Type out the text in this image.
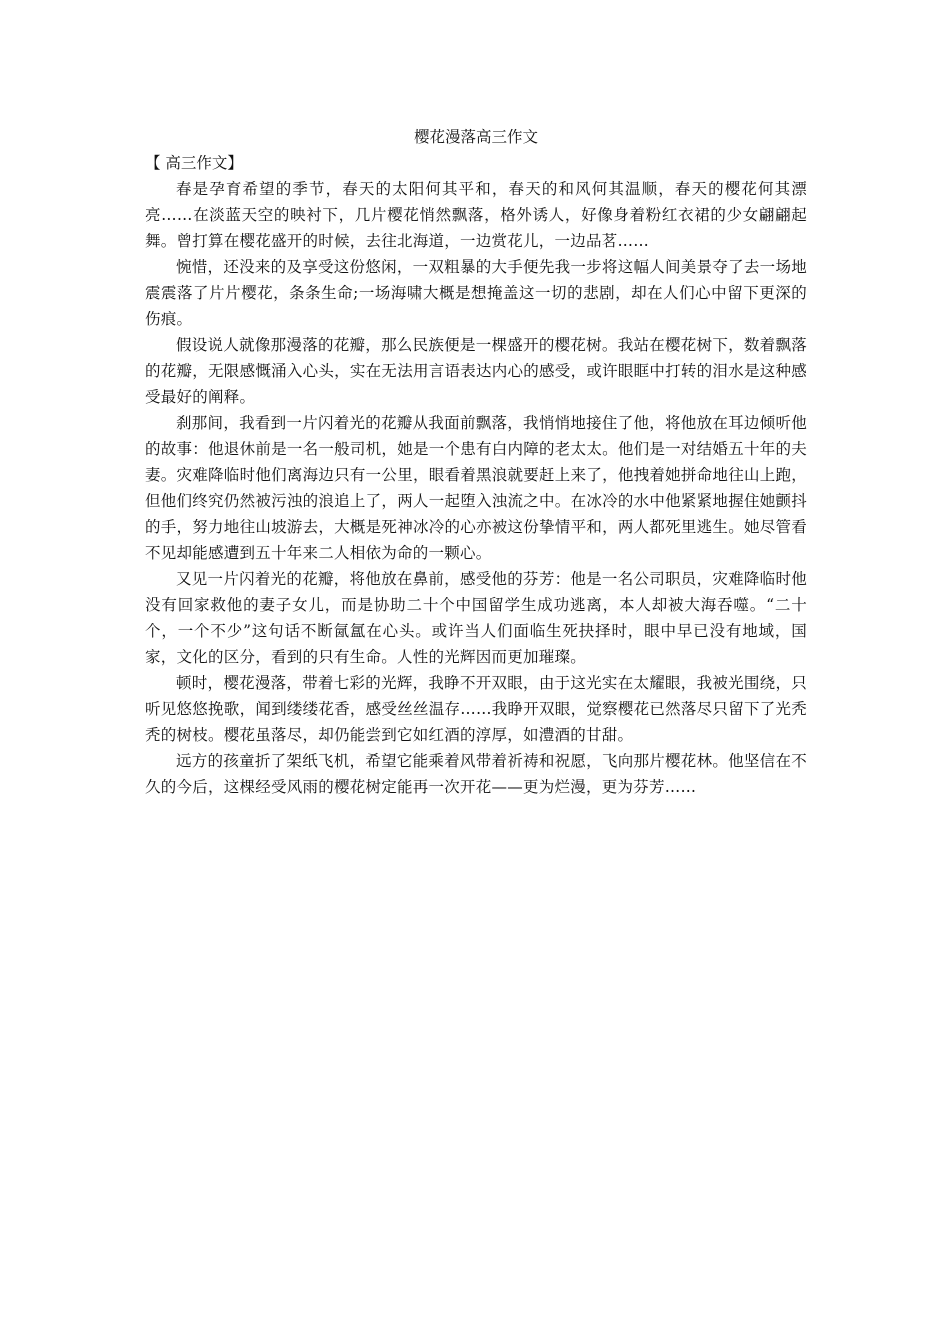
樱花漫落高三作文

【 高三作文】

春是孕育希望的季节，春天的太阳何其平和，春天的和风何其温顺，春天的樱花何其漂亮……在淡蓝天空的映衬下，几片樱花悄然飘落，格外诱人，好像身着粉红衣裙的少女翩翩起舞。曾打算在樱花盛开的时候，去往北海道，一边赏花儿，一边品茗……

惋惜，还没来的及享受这份悠闲，一双粗暴的大手便先我一步将这幅人间美景夺了去一场地震震落了片片樱花，条条生命;一场海啸大概是想掩盖这一切的悲剧，却在人们心中留下更深的伤痕。

假设说人就像那漫落的花瓣，那么民族便是一棵盛开的樱花树。我站在樱花树下，数着飘落的花瓣，无限感慨涌入心头，实在无法用言语表达内心的感受，或许眼眶中打转的泪水是这种感受最好的阐释。

刹那间，我看到一片闪着光的花瓣从我面前飘落，我悄悄地接住了他，将他放在耳边倾听他的故事：他退休前是一名一般司机，她是一个患有白内障的老太太。他们是一对结婚五十年的夫妻。灾难降临时他们离海边只有一公里，眼看着黑浪就要赶上来了，他拽着她拼命地往山上跑，但他们终究仍然被污浊的浪追上了，两人一起堕入浊流之中。在冰冷的水中他紧紧地握住她颤抖的手，努力地往山坡游去，大概是死神冰冷的心亦被这份挚情平和，两人都死里逃生。她尽管看不见却能感遭到五十年来二人相依为命的一颗心。

又见一片闪着光的花瓣，将他放在鼻前，感受他的芬芳：他是一名公司职员，灾难降临时他没有回家救他的妻子女儿，而是协助二十个中国留学生成功逃离，本人却被大海吞噬。“二十个，一个不少”这句话不断氤氲在心头。或许当人们面临生死抉择时，眼中早已没有地域，国家，文化的区分，看到的只有生命。人性的光辉因而更加璀璨。

顿时，樱花漫落，带着七彩的光辉，我睁不开双眼，由于这光实在太耀眼，我被光围绕，只听见悠悠挽歌，闻到缕缕花香，感受丝丝温存……我睁开双眼，觉察樱花已然落尽只留下了光秃秃的树枝。樱花虽落尽，却仍能尝到它如红酒的淳厚，如澧酒的甘甜。

远方的孩童折了架纸飞机，希望它能乘着风带着祈祷和祝愿，飞向那片樱花林。他坚信在不久的今后，这棵经受风雨的樱花树定能再一次开花——更为烂漫，更为芬芳……
